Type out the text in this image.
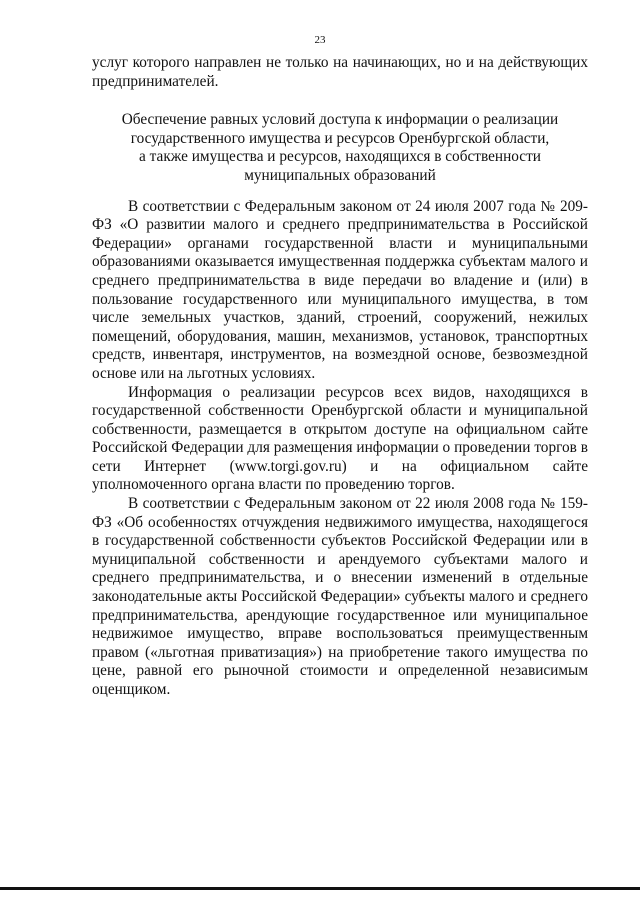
23

услуг которого направлен не только на начинающих, но и на действующих предпринимателей.

Обеспечение равных условий доступа к информации о реализации
государственного имущества и ресурсов Оренбургской области,
а также имущества и ресурсов, находящихся в собственности
муниципальных образований

В соответствии с Федеральным законом от 24 июля 2007 года № 209-ФЗ «О развитии малого и среднего предпринимательства в Российской Федерации» органами государственной власти и муниципальными образованиями оказывается имущественная поддержка субъектам малого и среднего предпринимательства в виде передачи во владение и (или) в пользование государственного или муниципального имущества, в том числе земельных участков, зданий, строений, сооружений, нежилых помещений, оборудования, машин, механизмов, установок, транспортных средств, инвентаря, инструментов, на возмездной основе, безвозмездной основе или на льготных условиях.

Информация о реализации ресурсов всех видов, находящихся в государственной собственности Оренбургской области и муниципальной собственности, размещается в открытом доступе на официальном сайте Российской Федерации для размещения информации о проведении торгов в сети Интернет (www.torgi.gov.ru) и на официальном сайте уполномоченного органа власти по проведению торгов.

В соответствии с Федеральным законом от 22 июля 2008 года № 159-ФЗ «Об особенностях отчуждения недвижимого имущества, находящегося в государственной собственности субъектов Российской Федерации или в муниципальной собственности и арендуемого субъектами малого и среднего предпринимательства, и о внесении изменений в отдельные законодательные акты Российской Федерации» субъекты малого и среднего предпринимательства, арендующие государственное или муниципальное недвижимое имущество, вправе воспользоваться преимущественным правом («льготная приватизация») на приобретение такого имущества по цене, равной его рыночной стоимости и определенной независимым оценщиком.
